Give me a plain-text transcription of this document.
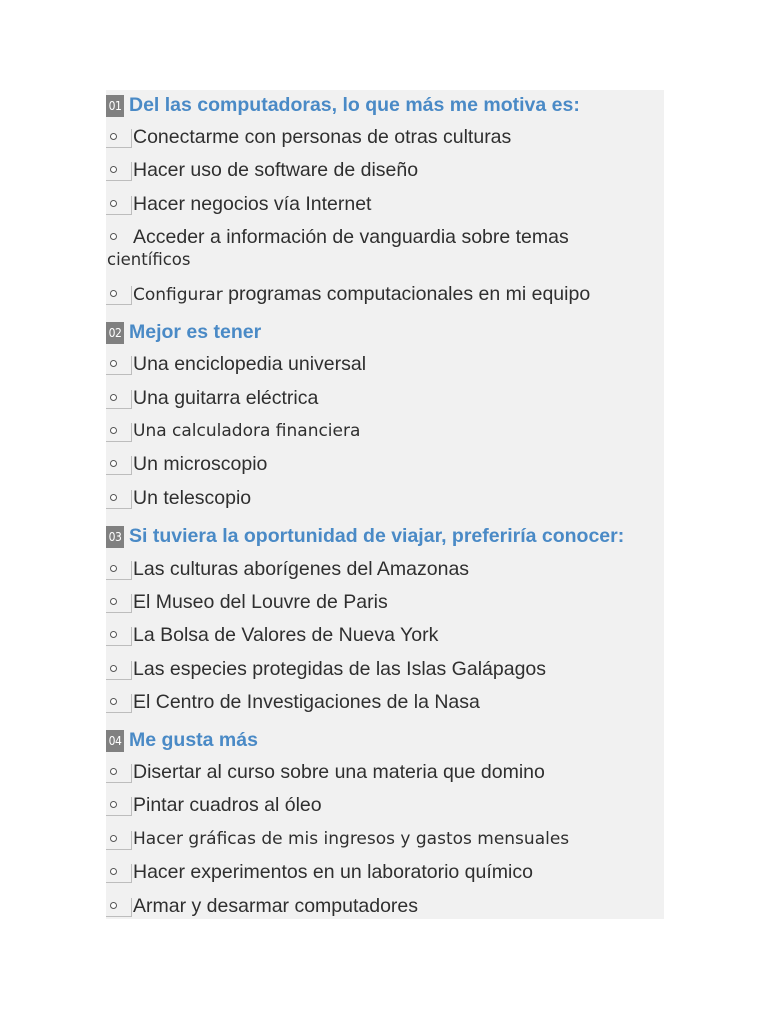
01 Del las computadoras, lo que más me motiva es:
Conectarme con personas de otras culturas
Hacer uso de software de diseño
Hacer negocios vía Internet
Acceder a información de vanguardia sobre temas
científicos
Configurar programas computacionales en mi equipo
02 Mejor es tener
Una enciclopedia universal
Una guitarra eléctrica
Una calculadora financiera
Un microscopio
Un telescopio
03 Si tuviera la oportunidad de viajar, preferiría conocer:
Las culturas aborígenes del Amazonas
El Museo del Louvre de Paris
La Bolsa de Valores de Nueva York
Las especies protegidas de las Islas Galápagos
El Centro de Investigaciones de la Nasa
04 Me gusta más
Disertar al curso sobre una materia que domino
Pintar cuadros al óleo
Hacer gráficas de mis ingresos y gastos mensuales
Hacer experimentos en un laboratorio químico
Armar y desarmar computadores
